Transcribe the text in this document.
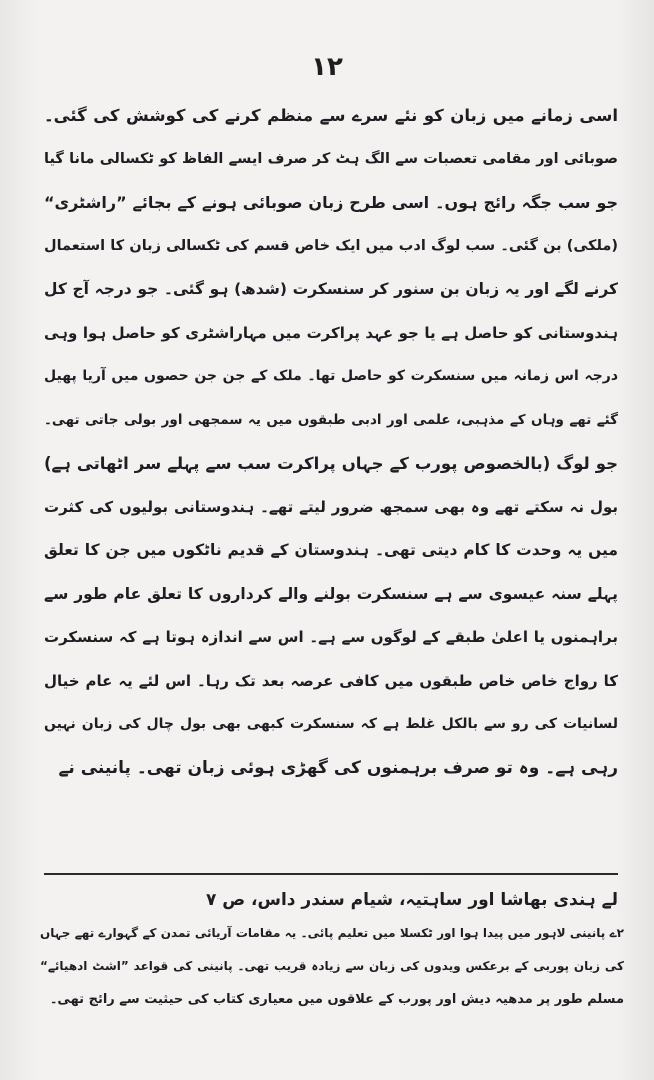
١٢
اسی زمانے میں زبان کو نئے سرے سے منظم کرنے کی کوشش کی گئی۔
صوبائی اور مقامی تعصبات سے الگ ہٹ کر صرف ایسے الفاظ کو ٹکسالی مانا گیا
جو سب جگہ رائج ہوں۔ اسی طرح زبان صوبائی ہونے کے بجائے ”راشٹری“
(ملکی) بن گئی۔ سب لوگ ادب میں ایک خاص قسم کی ٹکسالی زبان کا استعمال
کرنے لگے اور یہ زبان بن سنور کر سنسکرت (شدھ) ہو گئی۔ جو درجہ آج کل
ہندوستانی کو حاصل ہے یا جو عہد پراکرت میں مہاراشٹری کو حاصل ہوا وہی
درجہ اس زمانہ میں سنسکرت کو حاصل تھا۔ ملک کے جن جن حصوں میں آریا پھیل
گئے تھے وہاں کے مذہبی، علمی اور ادبی طبقوں میں یہ سمجھی اور بولی جاتی تھی۔
جو لوگ (بالخصوص پورب کے جہاں پراکرت سب سے پہلے سر اٹھاتی ہے)
بول نہ سکتے تھے وہ بھی سمجھ ضرور لیتے تھے۔ ہندوستانی بولیوں کی کثرت
میں یہ وحدت کا کام دیتی تھی۔ ہندوستان کے قدیم ناٹکوں میں جن کا تعلق
پہلے سنہ عیسوی سے ہے سنسکرت بولنے والے کرداروں کا تعلق عام طور سے
براہمنوں یا اعلیٰ طبقے کے لوگوں سے ہے۔ اس سے اندازہ ہوتا ہے کہ سنسکرت
کا رواج خاص خاص طبقوں میں کافی عرصہ بعد تک رہا۔ اس لئے یہ عام خیال
لسانیات کی رو سے بالکل غلط ہے کہ سنسکرت کبھی بھی بول چال کی زبان نہیں
رہی ہے۔ وہ تو صرف برہمنوں کی گھڑی ہوئی زبان تھی۔ پانینی نے
لے ہندی بھاشا اور ساہتیہ، شیام سندر داس، ص ۷
۲ے پانینی لاہور میں پیدا ہوا اور ٹکسلا میں تعلیم پائی۔ یہ مقامات آریائی تمدن کے گہوارے تھے جہاں
کی زبان پوربی کے برعکس ویدوں کی زبان سے زیادہ قریب تھی۔ پانینی کی قواعد ”اشٹ ادھیائے“
مسلم طور پر مدھیہ دیش اور پورب کے علاقوں میں معیاری کتاب کی حیثیت سے رائج تھی۔
